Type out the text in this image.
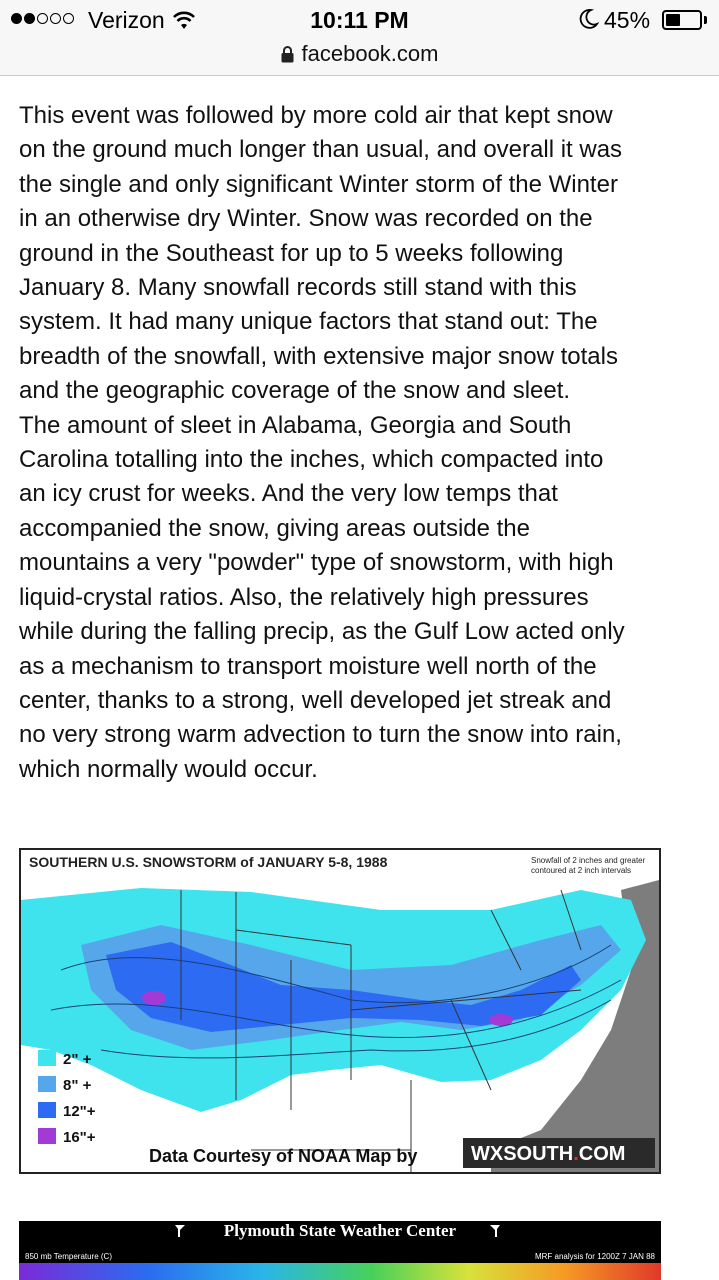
Verizon	10:11 PM	45%
facebook.com

This event was followed by more cold air that kept snow
on the ground much longer than usual, and overall it was
the single and only significant Winter storm of the Winter
in an otherwise dry Winter. Snow was recorded on the
ground in the Southeast for up to 5 weeks following
January 8. Many snowfall records still stand with this
system. It had many unique factors that stand out: The
breadth of the snowfall, with extensive major snow totals
and the geographic coverage of the snow and sleet.
The amount of sleet in Alabama, Georgia and South
Carolina totalling into the inches, which compacted into
an icy crust for weeks. And the very low temps that
accompanied the snow, giving areas outside the
mountains a very "powder" type of snowstorm, with high
liquid-crystal ratios. Also, the relatively high pressures
while during the falling precip, as the Gulf Low acted only
as a mechanism to transport moisture well north of the
center, thanks to a strong, well developed jet streak and
no very strong warm advection to turn the snow into rain,
which normally would occur.

SOUTHERN U.S. SNOWSTORM of JANUARY 5-8, 1988	Snowfall of 2 inches and greater
contoured at 2 inch intervals
2" +
8" +
12"+
16"+
Data Courtesy of NOAA Map by	WXSOUTH.COM
Plymouth State Weather Center
850 mb Temperature (C)	MRF analysis for 1200Z 7 JAN 88
